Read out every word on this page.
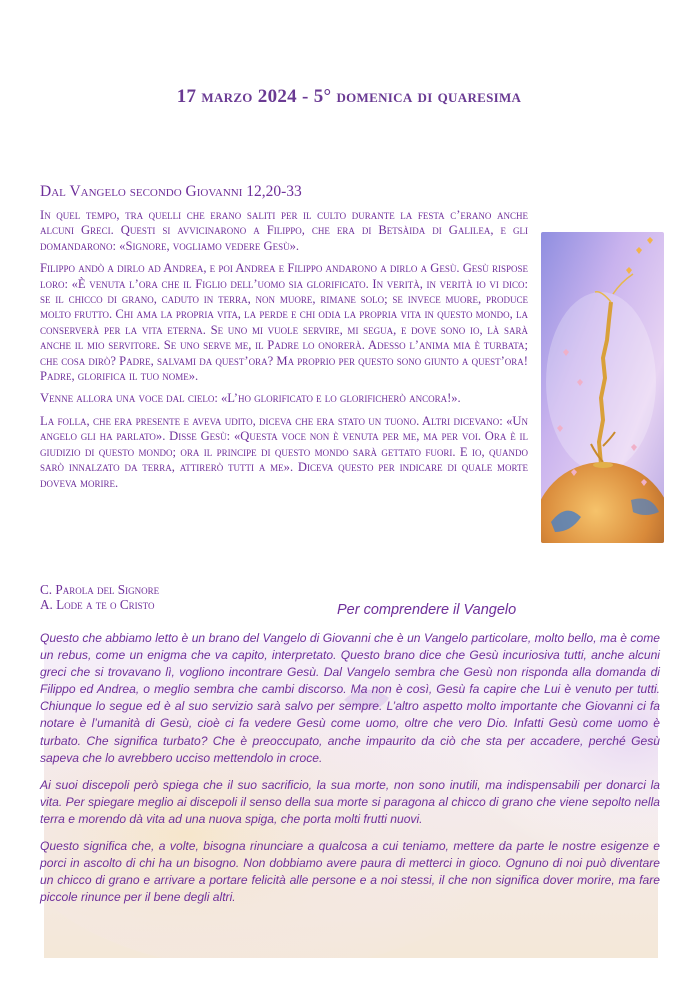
17 marzo 2024 - 5° domenica di quaresima
Dal Vangelo secondo Giovanni 12,20-33

In quel tempo, tra quelli che erano saliti per il culto durante la festa c’erano anche alcuni Greci. Questi si avvicinarono a Filippo, che era di Betsàida di Galilea, e gli domandarono: «Signore, vogliamo vedere Gesù».

Filippo andò a dirlo ad Andrea, e poi Andrea e Filippo andarono a dirlo a Gesù. Gesù rispose loro: «È venuta l’ora che il Figlio dell’uomo sia glorificato. In verità, in verità io vi dico: se il chicco di grano, caduto in terra, non muore, rimane solo; se invece muore, produce molto frutto. Chi ama la propria vita, la perde e chi odia la propria vita in questo mondo, la conserverà per la vita eterna. Se uno mi vuole servire, mi segua, e dove sono io, là sarà anche il mio servitore. Se uno serve me, il Padre lo onorerà. Adesso l’anima mia è turbata; che cosa dirò? Padre, salvami da quest’ora? Ma proprio per questo sono giunto a quest’ora! Padre, glorifica il tuo nome».

Venne allora una voce dal cielo: «L’ho glorificato e lo glorificherò ancora!».

La folla, che era presente e aveva udito, diceva che era stato un tuono. Altri dicevano: «Un angelo gli ha parlato». Disse Gesù: «Questa voce non è venuta per me, ma per voi. Ora è il giudizio di questo mondo; ora il principe di questo mondo sarà gettato fuori. E io, quando sarò innalzato da terra, attirerò tutti a me». Diceva questo per indicare di quale morte doveva morire.

C. Parola del Signore
A. Lode a te o Cristo	Per comprendere il Vangelo

Questo che abbiamo letto è un brano del Vangelo di Giovanni che è un Vangelo particolare, molto bello, ma è come un rebus, come un enigma che va capito, interpretato. Questo brano dice che Gesù incuriosiva tutti, anche alcuni greci che si trovavano lì, vogliono incontrare Gesù. Dal Vangelo sembra che Gesù non risponda alla domanda di Filippo ed Andrea, o meglio sembra che cambi discorso. Ma non è così, Gesù fa capire che Lui è venuto per tutti. Chiunque lo segue ed è al suo servizio sarà salvo per sempre. L’altro aspetto molto importante che Giovanni ci fa notare è l’umanità di Gesù, cioè ci fa vedere Gesù come uomo, oltre che vero Dio. Infatti Gesù come uomo è turbato. Che significa turbato? Che è preoccupato, anche impaurito da ciò che sta per accadere, perché Gesù sapeva che lo avrebbero ucciso mettendolo in croce.

Ai suoi discepoli però spiega che il suo sacrificio, la sua morte, non sono inutili, ma indispensabili per donarci la vita. Per spiegare meglio ai discepoli il senso della sua morte si paragona al chicco di grano che viene sepolto nella terra e morendo dà vita ad una nuova spiga, che porta molti frutti nuovi.

Questo significa che, a volte, bisogna rinunciare a qualcosa a cui teniamo, mettere da parte le nostre esigenze e porci in ascolto di chi ha un bisogno. Non dobbiamo avere paura di metterci in gioco. Ognuno di noi può diventare un chicco di grano e arrivare a portare felicità alle persone e a noi stessi, il che non significa dover morire, ma fare piccole rinunce per il bene degli altri.
